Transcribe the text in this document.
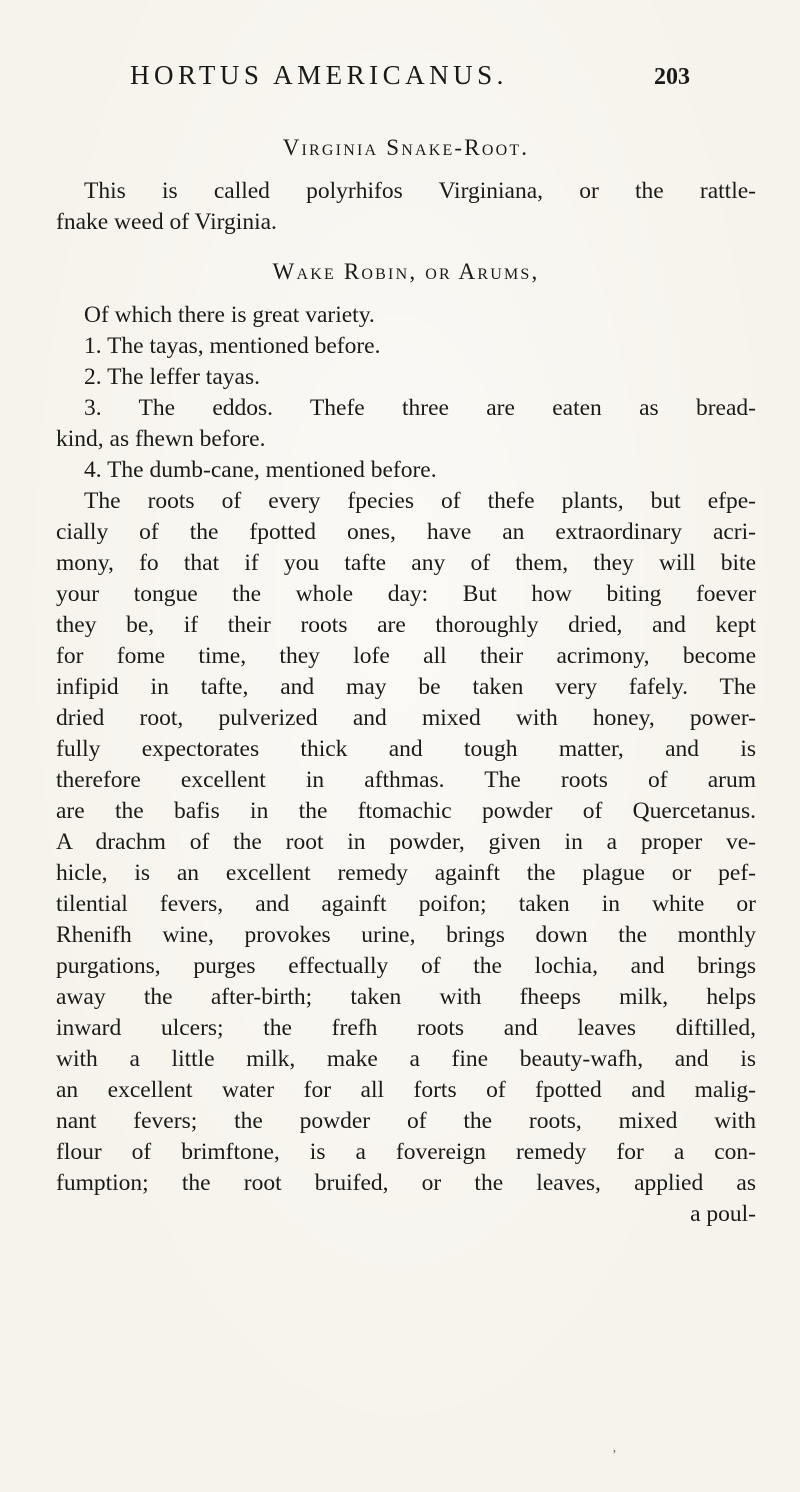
HORTUS AMERICANUS.	203
Virginia Snake-Root.
This is called polyrhifos Virginiana, or the rattle-
fnake weed of Virginia.
Wake Robin, or Arums,
Of which there is great variety.
1. The tayas, mentioned before.
2. The leffer tayas.
3. The eddos. Thefe three are eaten as bread-
kind, as fhewn before.
4. The dumb-cane, mentioned before.
The roots of every fpecies of thefe plants, but efpe-
cially of the fpotted ones, have an extraordinary acri-
mony, fo that if you tafte any of them, they will bite
your tongue the whole day: But how biting foever
they be, if their roots are thoroughly dried, and kept
for fome time, they lofe all their acrimony, become
infipid in tafte, and may be taken very fafely. The
dried root, pulverized and mixed with honey, power-
fully expectorates thick and tough matter, and is
therefore excellent in afthmas. The roots of arum
are the bafis in the ftomachic powder of Quercetanus.
A drachm of the root in powder, given in a proper ve-
hicle, is an excellent remedy againft the plague or pef-
tilential fevers, and againft poifon; taken in white or
Rhenifh wine, provokes urine, brings down the monthly
purgations, purges effectually of the lochia, and brings
away the after-birth; taken with fheeps milk, helps
inward ulcers; the frefh roots and leaves diftilled,
with a little milk, make a fine beauty-wafh, and is
an excellent water for all forts of fpotted and malig-
nant fevers; the powder of the roots, mixed with
flour of brimftone, is a fovereign remedy for a con-
fumption; the root bruifed, or the leaves, applied as
a poul-
ʼ
